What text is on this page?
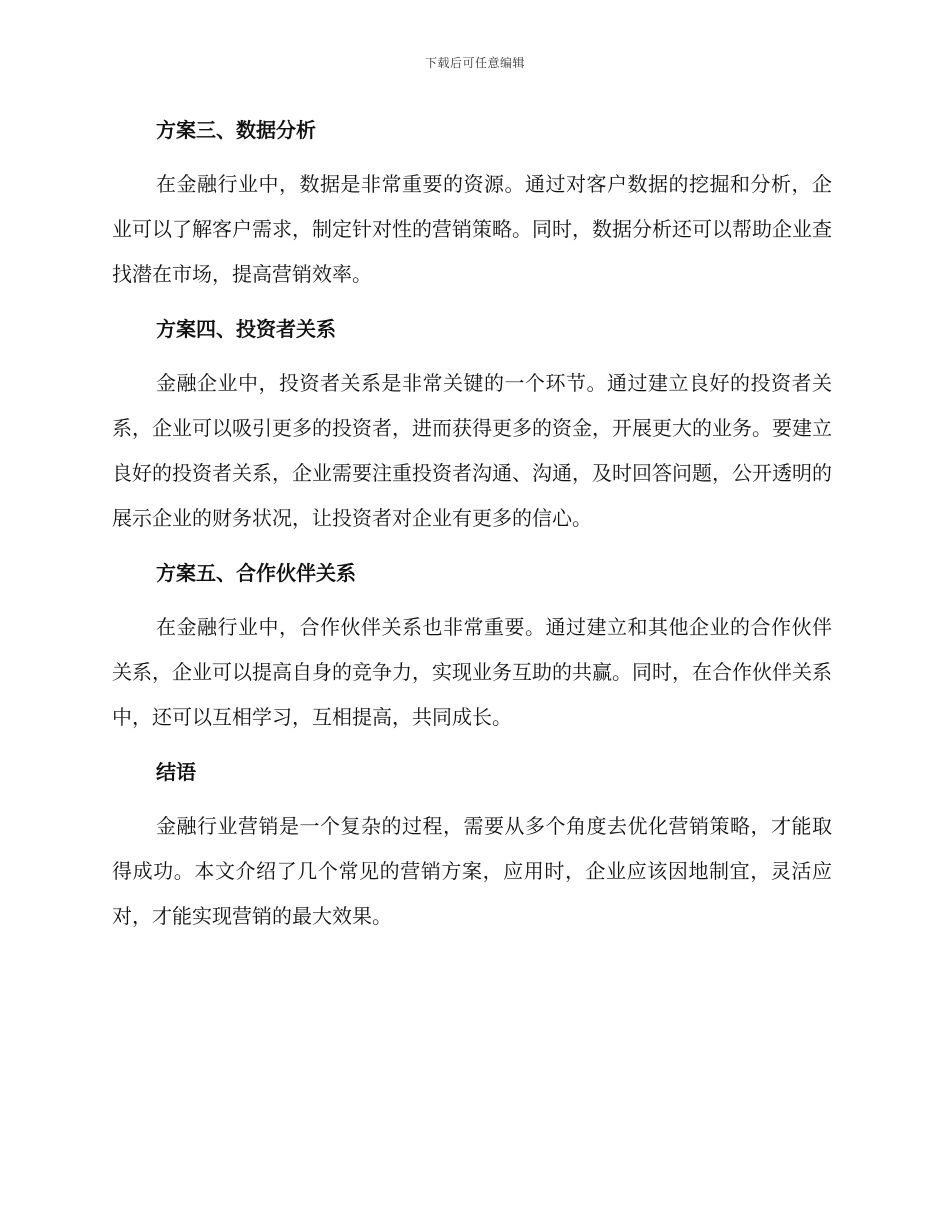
下载后可任意编辑
方案三、数据分析

在金融行业中，数据是非常重要的资源。通过对客户数据的挖掘和分析，企业可以了解客户需求，制定针对性的营销策略。同时，数据分析还可以帮助企业查找潜在市场，提高营销效率。

方案四、投资者关系

金融企业中，投资者关系是非常关键的一个环节。通过建立良好的投资者关系，企业可以吸引更多的投资者，进而获得更多的资金，开展更大的业务。要建立良好的投资者关系，企业需要注重投资者沟通、沟通，及时回答问题，公开透明的展示企业的财务状况，让投资者对企业有更多的信心。

方案五、合作伙伴关系

在金融行业中，合作伙伴关系也非常重要。通过建立和其他企业的合作伙伴关系，企业可以提高自身的竞争力，实现业务互助的共赢。同时，在合作伙伴关系中，还可以互相学习，互相提高，共同成长。

结语

金融行业营销是一个复杂的过程，需要从多个角度去优化营销策略，才能取得成功。本文介绍了几个常见的营销方案，应用时，企业应该因地制宜，灵活应对，才能实现营销的最大效果。
